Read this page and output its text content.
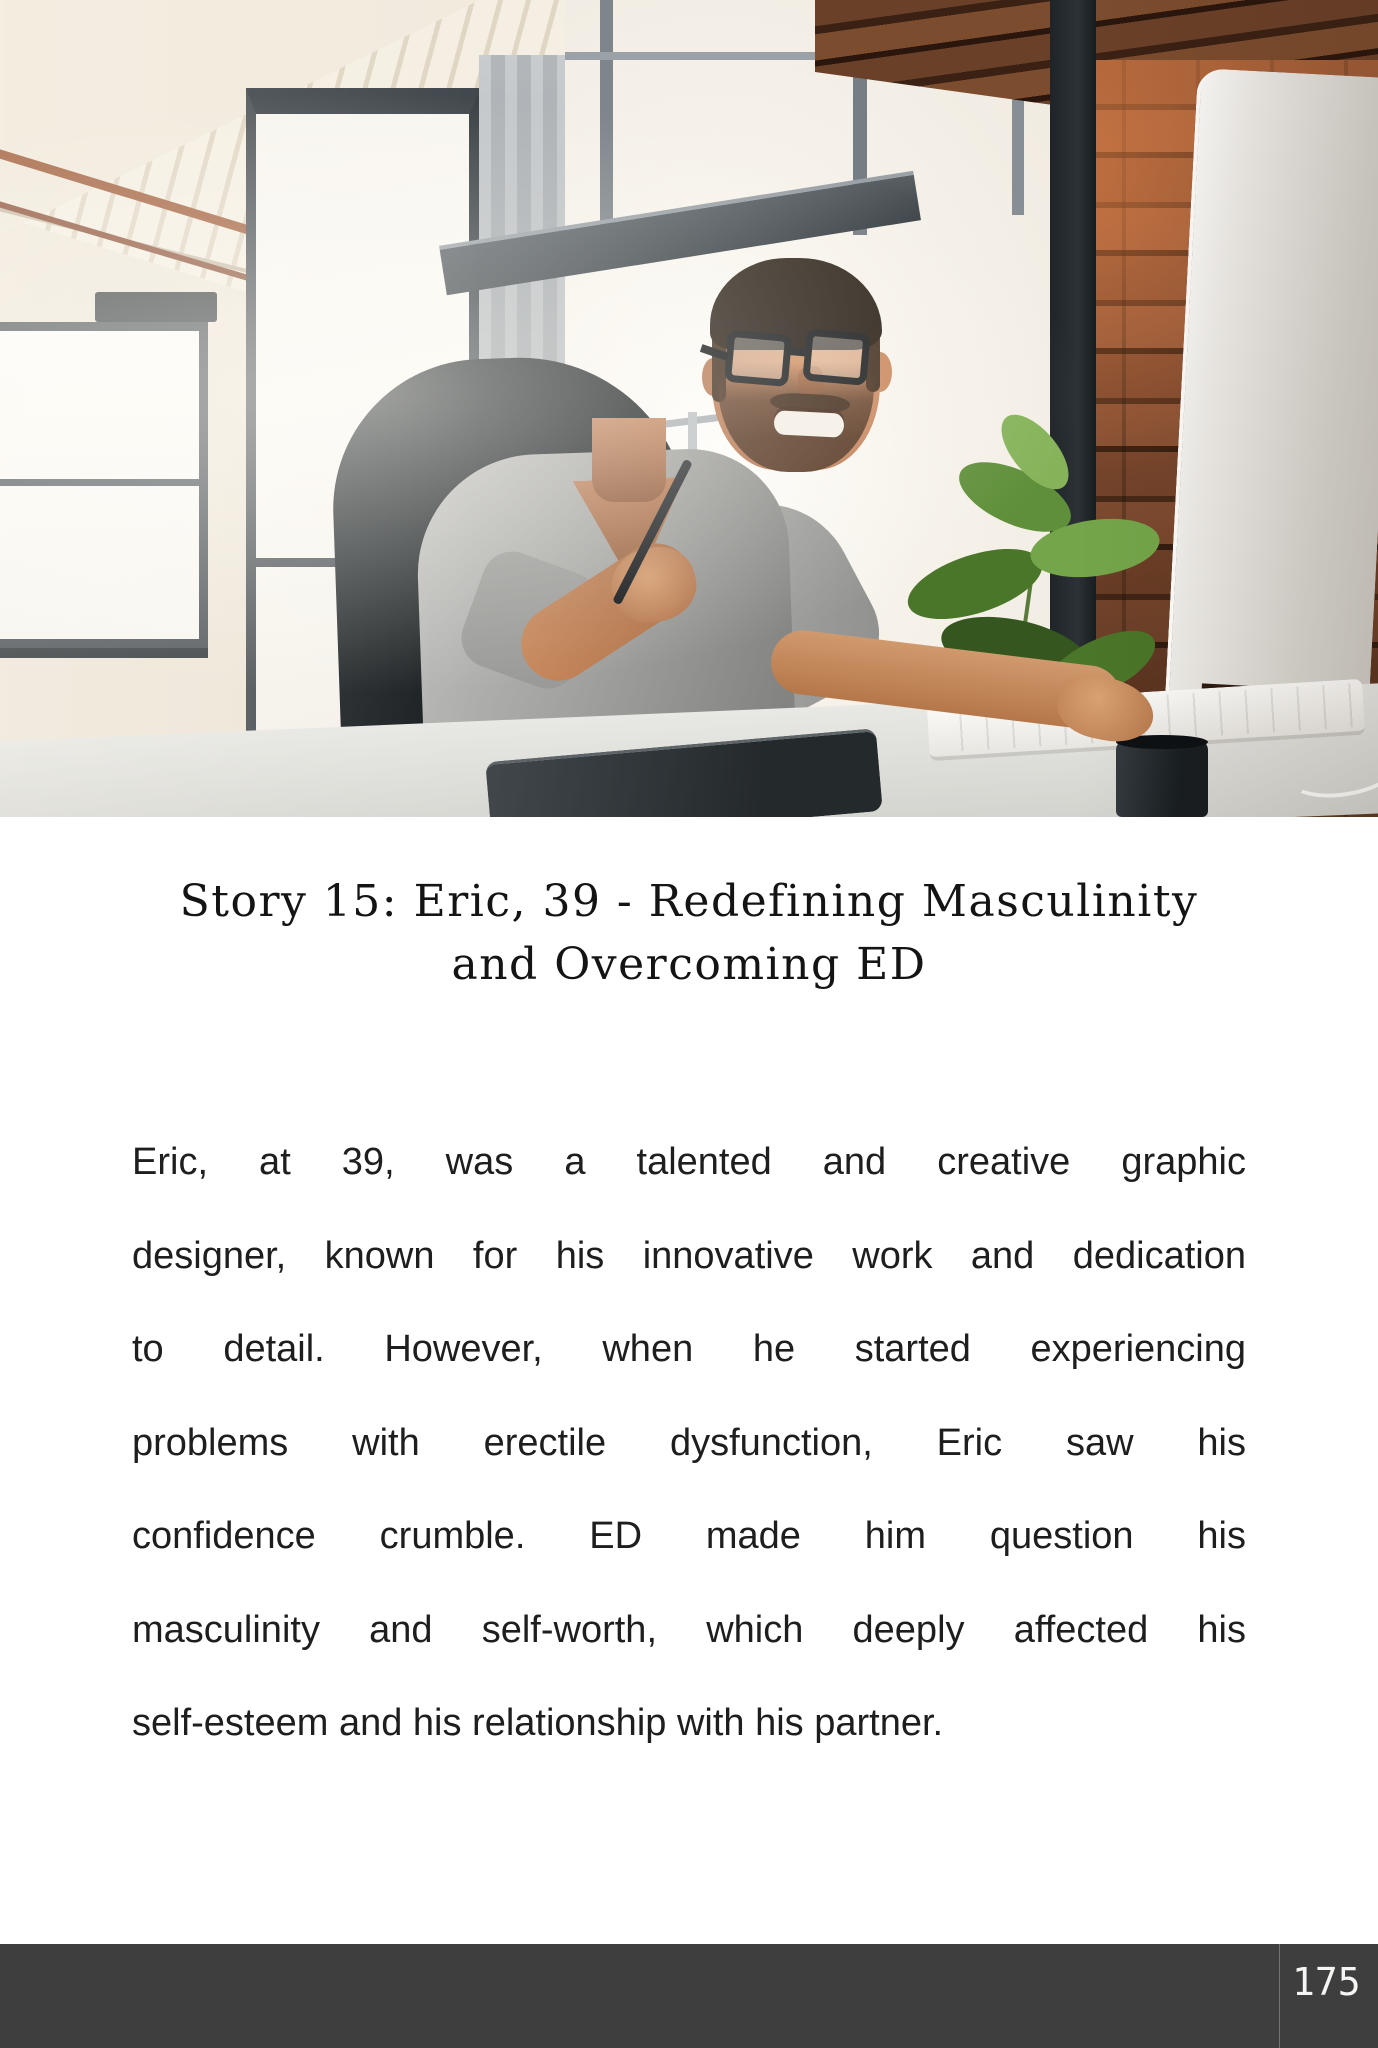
Story 15: Eric, 39 - Redefining Masculinity
and Overcoming ED
Eric, at 39, was a talented and creative graphic
designer, known for his innovative work and dedication
to detail. However, when he started experiencing
problems with erectile dysfunction, Eric saw his
confidence crumble. ED made him question his
masculinity and self-worth, which deeply affected his
self-esteem and his relationship with his partner.
175
